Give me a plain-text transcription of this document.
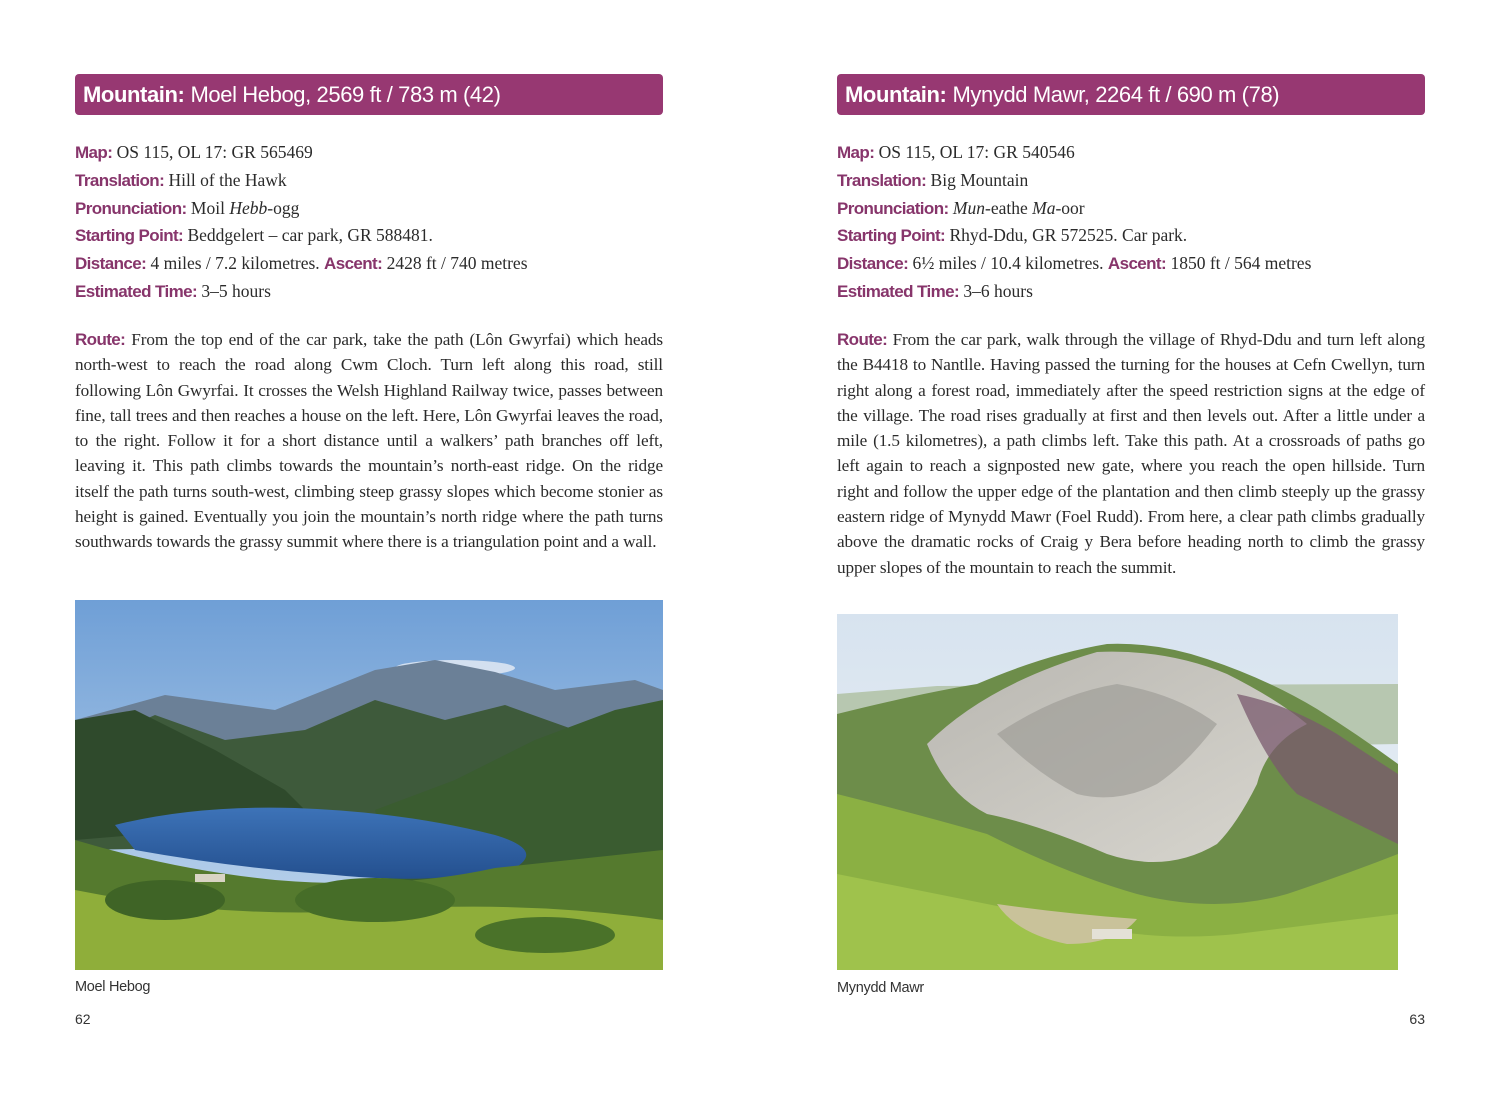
Mountain: Moel Hebog, 2569 ft / 783 m (42)
Map: OS 115, OL 17: GR 565469
Translation: Hill of the Hawk
Pronunciation: Moil Hebb-ogg
Starting Point: Beddgelert – car park, GR 588481.
Distance: 4 miles / 7.2 kilometres. Ascent: 2428 ft / 740 metres
Estimated Time: 3–5 hours

Route: From the top end of the car park, take the path (Lôn Gwyrfai) which heads north-west to reach the road along Cwm Cloch. Turn left along this road, still following Lôn Gwyrfai. It crosses the Welsh Highland Railway twice, passes between fine, tall trees and then reaches a house on the left. Here, Lôn Gwyrfai leaves the road, to the right. Follow it for a short distance until a walkers’ path branches off left, leaving it. This path climbs towards the mountain’s north-east ridge. On the ridge itself the path turns south-west, climbing steep grassy slopes which become stonier as height is gained. Eventually you join the mountain’s north ridge where the path turns southwards towards the grassy summit where there is a triangulation point and a wall.

Moel Hebog
62
Mountain: Mynydd Mawr, 2264 ft / 690 m (78)
Map: OS 115, OL 17: GR 540546
Translation: Big Mountain
Pronunciation: Mun-eathe Ma-oor
Starting Point: Rhyd-Ddu, GR 572525. Car park.
Distance: 6½ miles / 10.4 kilometres. Ascent: 1850 ft / 564 metres
Estimated Time: 3–6 hours

Route: From the car park, walk through the village of Rhyd-Ddu and turn left along the B4418 to Nantlle. Having passed the turning for the houses at Cefn Cwellyn, turn right along a forest road, immediately after the speed restriction signs at the edge of the village. The road rises gradually at first and then levels out. After a little under a mile (1.5 kilometres), a path climbs left. Take this path. At a crossroads of paths go left again to reach a signposted new gate, where you reach the open hillside. Turn right and follow the upper edge of the plantation and then climb steeply up the grassy eastern ridge of Mynydd Mawr (Foel Rudd). From here, a clear path climbs gradually above the dramatic rocks of Craig y Bera before heading north to climb the grassy upper slopes of the mountain to reach the summit.

Mynydd Mawr
63
